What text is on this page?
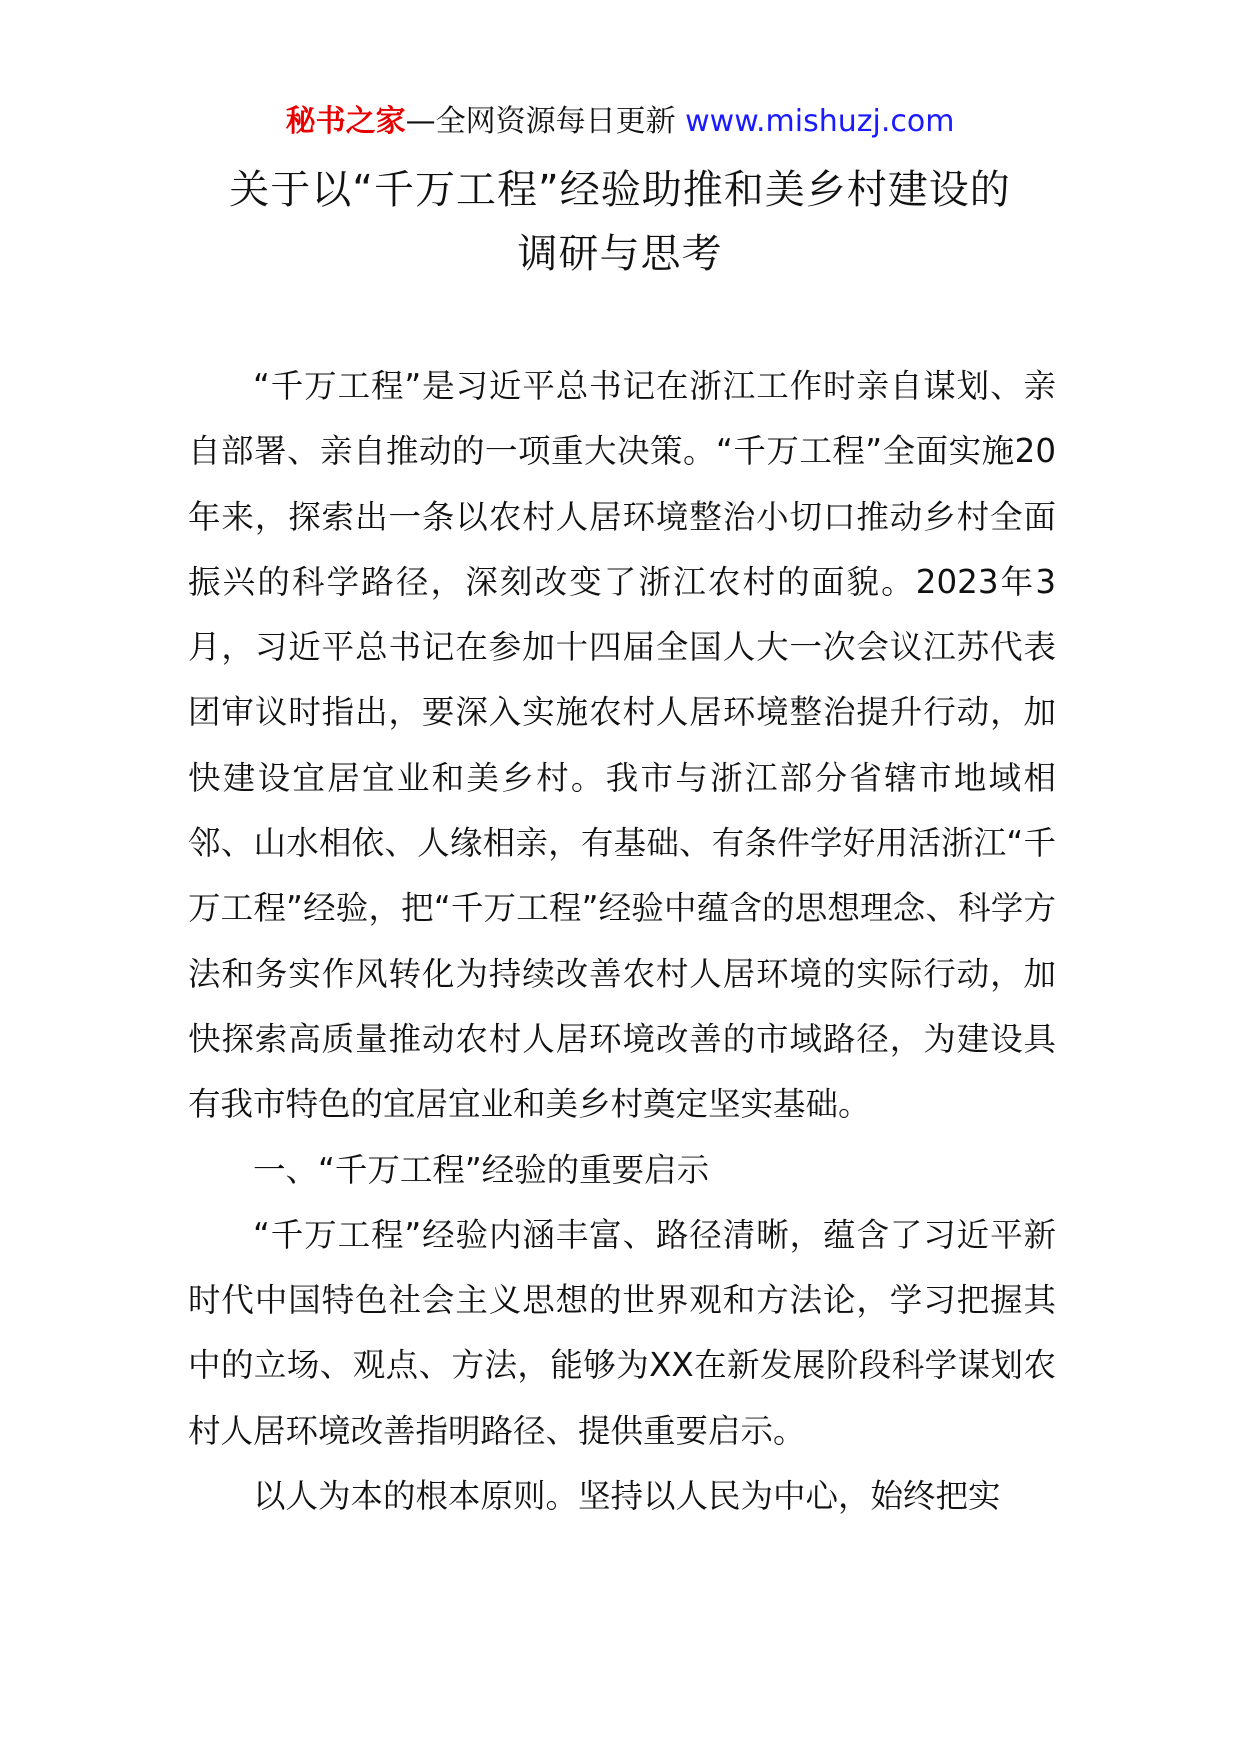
秘书之家—全网资源每日更新 www.mishuzj.com
关于以“千万工程”经验助推和美乡村建设的
调研与思考

“千万工程”是习近平总书记在浙江工作时亲自谋划、亲自部署、亲自推动的一项重大决策。“千万工程”全面实施20年来，探索出一条以农村人居环境整治小切口推动乡村全面振兴的科学路径，深刻改变了浙江农村的面貌。2023年3月，习近平总书记在参加十四届全国人大一次会议江苏代表团审议时指出，要深入实施农村人居环境整治提升行动，加快建设宜居宜业和美乡村。我市与浙江部分省辖市地域相邻、山水相依、人缘相亲，有基础、有条件学好用活浙江“千万工程”经验，把“千万工程”经验中蕴含的思想理念、科学方法和务实作风转化为持续改善农村人居环境的实际行动，加快探索高质量推动农村人居环境改善的市域路径，为建设具有我市特色的宜居宜业和美乡村奠定坚实基础。

一、“千万工程”经验的重要启示

“千万工程”经验内涵丰富、路径清晰，蕴含了习近平新时代中国特色社会主义思想的世界观和方法论，学习把握其中的立场、观点、方法，能够为XX在新发展阶段科学谋划农村人居环境改善指明路径、提供重要启示。

以人为本的根本原则。坚持以人民为中心，始终把实
